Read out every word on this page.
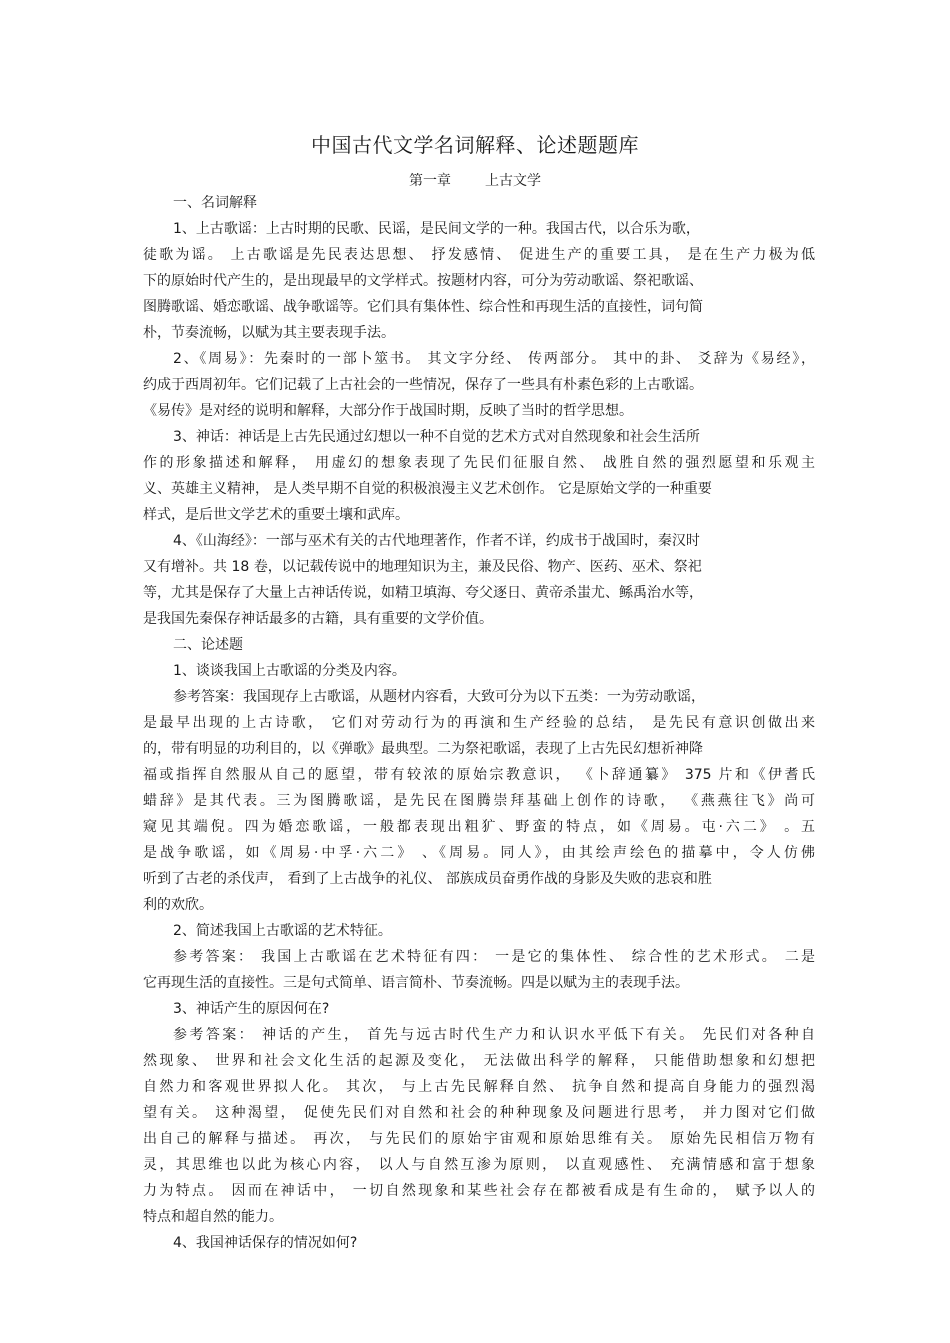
中国古代文学名词解释、论述题题库
第一章 上古文学
一、名词解释
1、上古歌谣：上古时期的民歌、民谣，是民间文学的一种。我国古代，以合乐为歌，
徒歌为谣。 上古歌谣是先民表达思想、 抒发感情、 促进生产的重要工具， 是在生产力极为低
下的原始时代产生的，是出现最早的文学样式。按题材内容，可分为劳动歌谣、祭祀歌谣、
图腾歌谣、婚恋歌谣、战争歌谣等。它们具有集体性、综合性和再现生活的直接性，词句简
朴，节奏流畅，以赋为其主要表现手法。
2、《周易》：先秦时的一部卜筮书。 其文字分经、 传两部分。 其中的卦、 爻辞为《易经》，
约成于西周初年。它们记载了上古社会的一些情况，保存了一些具有朴素色彩的上古歌谣。
《易传》是对经的说明和解释，大部分作于战国时期，反映了当时的哲学思想。
3、神话：神话是上古先民通过幻想以一种不自觉的艺术方式对自然现象和社会生活所
作的形象描述和解释， 用虚幻的想象表现了先民们征服自然、 战胜自然的强烈愿望和乐观主
义、英雄主义精神， 是人类早期不自觉的积极浪漫主义艺术创作。 它是原始文学的一种重要
样式，是后世文学艺术的重要土壤和武库。
4、《山海经》：一部与巫术有关的古代地理著作，作者不详，约成书于战国时，秦汉时
又有增补。共 18 卷，以记载传说中的地理知识为主，兼及民俗、物产、医药、巫术、祭祀
等，尤其是保存了大量上古神话传说，如精卫填海、夸父逐日、黄帝杀蚩尤、鲧禹治水等，
是我国先秦保存神话最多的古籍，具有重要的文学价值。
二、论述题
1、谈谈我国上古歌谣的分类及内容。
参考答案：我国现存上古歌谣，从题材内容看，大致可分为以下五类：一为劳动歌谣，
是最早出现的上古诗歌， 它们对劳动行为的再演和生产经验的总结， 是先民有意识创做出来
的，带有明显的功利目的，以《弹歌》最典型。二为祭祀歌谣，表现了上古先民幻想祈神降
福或指挥自然服从自己的愿望，带有较浓的原始宗教意识， 《卜辞通纂》 375 片和《伊耆氏
蜡辞》是其代表。三为图腾歌谣，是先民在图腾崇拜基础上创作的诗歌， 《燕燕往飞》尚可
窥见其端倪。四为婚恋歌谣，一般都表现出粗犷、野蛮的特点，如《周易。屯·六二》 。五
是战争歌谣，如《周易·中孚·六二》 、《周易。同人》，由其绘声绘色的描摹中，令人仿佛
听到了古老的杀伐声， 看到了上古战争的礼仪、 部族成员奋勇作战的身影及失败的悲哀和胜
利的欢欣。
2、简述我国上古歌谣的艺术特征。
参考答案： 我国上古歌谣在艺术特征有四： 一是它的集体性、 综合性的艺术形式。 二是
它再现生活的直接性。三是句式简单、语言简朴、节奏流畅。四是以赋为主的表现手法。
3、神话产生的原因何在?
参考答案： 神话的产生， 首先与远古时代生产力和认识水平低下有关。 先民们对各种自
然现象、 世界和社会文化生活的起源及变化， 无法做出科学的解释， 只能借助想象和幻想把
自然力和客观世界拟人化。 其次， 与上古先民解释自然、 抗争自然和提高自身能力的强烈渴
望有关。 这种渴望， 促使先民们对自然和社会的种种现象及问题进行思考， 并力图对它们做
出自己的解释与描述。 再次， 与先民们的原始宇宙观和原始思维有关。 原始先民相信万物有
灵，其思维也以此为核心内容， 以人与自然互渗为原则， 以直观感性、 充满情感和富于想象
力为特点。 因而在神话中， 一切自然现象和某些社会存在都被看成是有生命的， 赋予以人的
特点和超自然的能力。
4、我国神话保存的情况如何?
